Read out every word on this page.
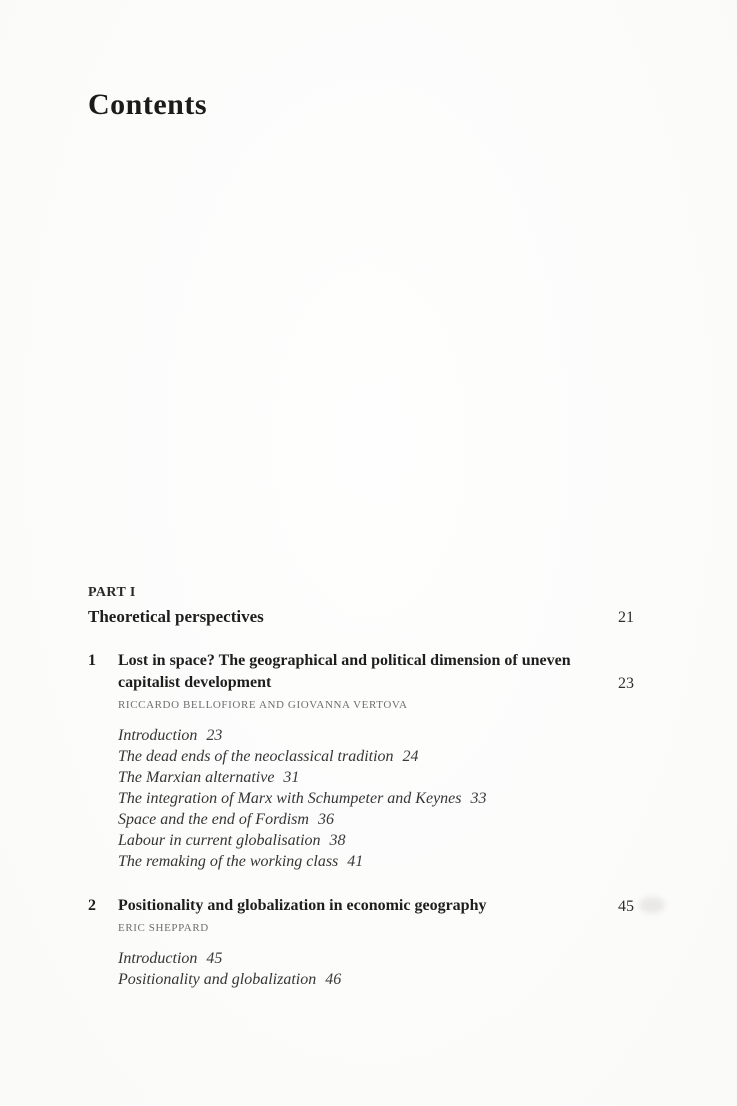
Contents
PART I
Theoretical perspectives	21
1	Lost in space? The geographical and political dimension of uneven capitalist development	23
RICCARDO BELLOFIORE AND GIOVANNA VERTOVA
Introduction 23
The dead ends of the neoclassical tradition 24
The Marxian alternative 31
The integration of Marx with Schumpeter and Keynes 33
Space and the end of Fordism 36
Labour in current globalisation 38
The remaking of the working class 41
2	Positionality and globalization in economic geography	45
ERIC SHEPPARD
Introduction 45
Positionality and globalization 46
